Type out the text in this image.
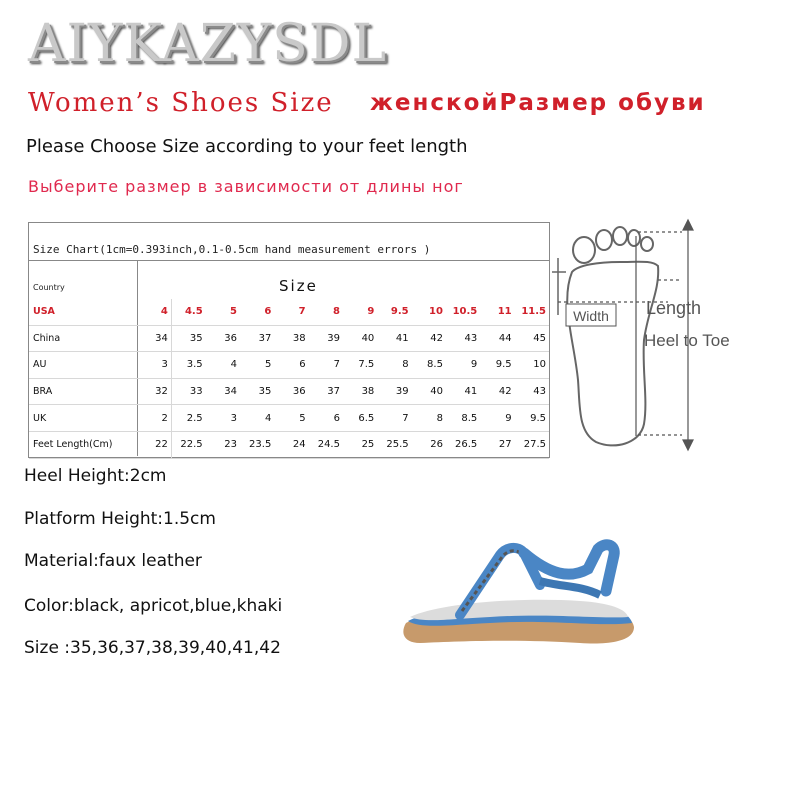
AIYKAZYSDL
Women’s Shoes Size женскойРазмер обуви
Please Choose Size according to your feet length
Выберите размер в зависимости от длины ног
Size Chart(1cm=0.393inch,0.1-0.5cm hand measurement errors )
Country	Size
USA	4	4.5	5	6	7	8	9	9.5	10	10.5	11	11.5
China	34	35	36	37	38	39	40	41	42	43	44	45
AU	3	3.5	4	5	6	7	7.5	8	8.5	9	9.5	10
BRA	32	33	34	35	36	37	38	39	40	41	42	43
UK	2	2.5	3	4	5	6	6.5	7	8	8.5	9	9.5
Feet Length(Cm)	22	22.5	23	23.5	24	24.5	25	25.5	26	26.5	27	27.5
Width Length
Heel to Toe
Heel Height:2cm
Platform Height:1.5cm
Material:faux leather
Color:black, apricot,blue,khaki
Size :35,36,37,38,39,40,41,42
